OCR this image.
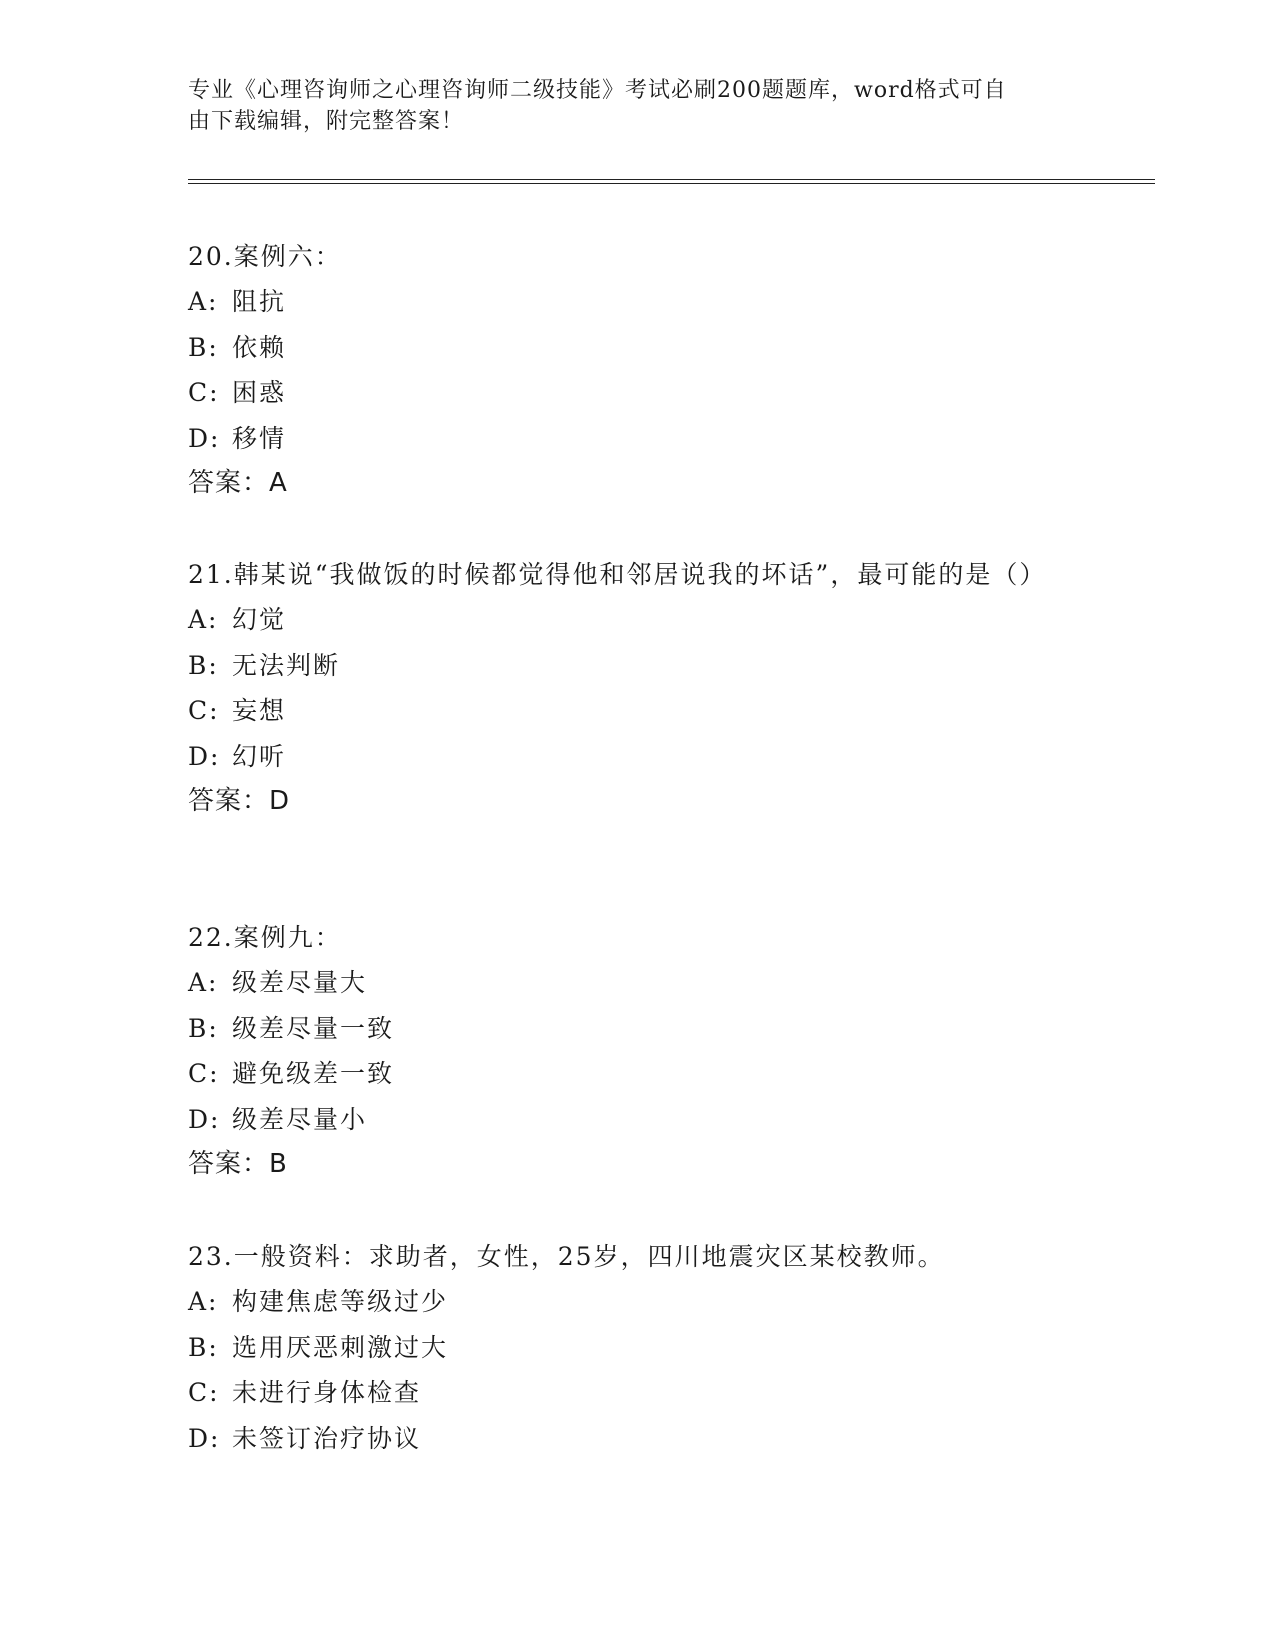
专业《心理咨询师之心理咨询师二级技能》考试必刷200题题库，word格式可自
由下载编辑，附完整答案！
20.案例六：
A: 阻抗
B: 依赖
C: 困惑
D: 移情
答案：A
21.韩某说“我做饭的时候都觉得他和邻居说我的坏话”，最可能的是（）
A: 幻觉
B: 无法判断
C: 妄想
D: 幻听
答案：D
22.案例九：
A: 级差尽量大
B: 级差尽量一致
C: 避免级差一致
D: 级差尽量小
答案：B
23.一般资料：求助者，女性，25岁，四川地震灾区某校教师。
A: 构建焦虑等级过少
B: 选用厌恶刺激过大
C: 未进行身体检查
D: 未签订治疗协议
